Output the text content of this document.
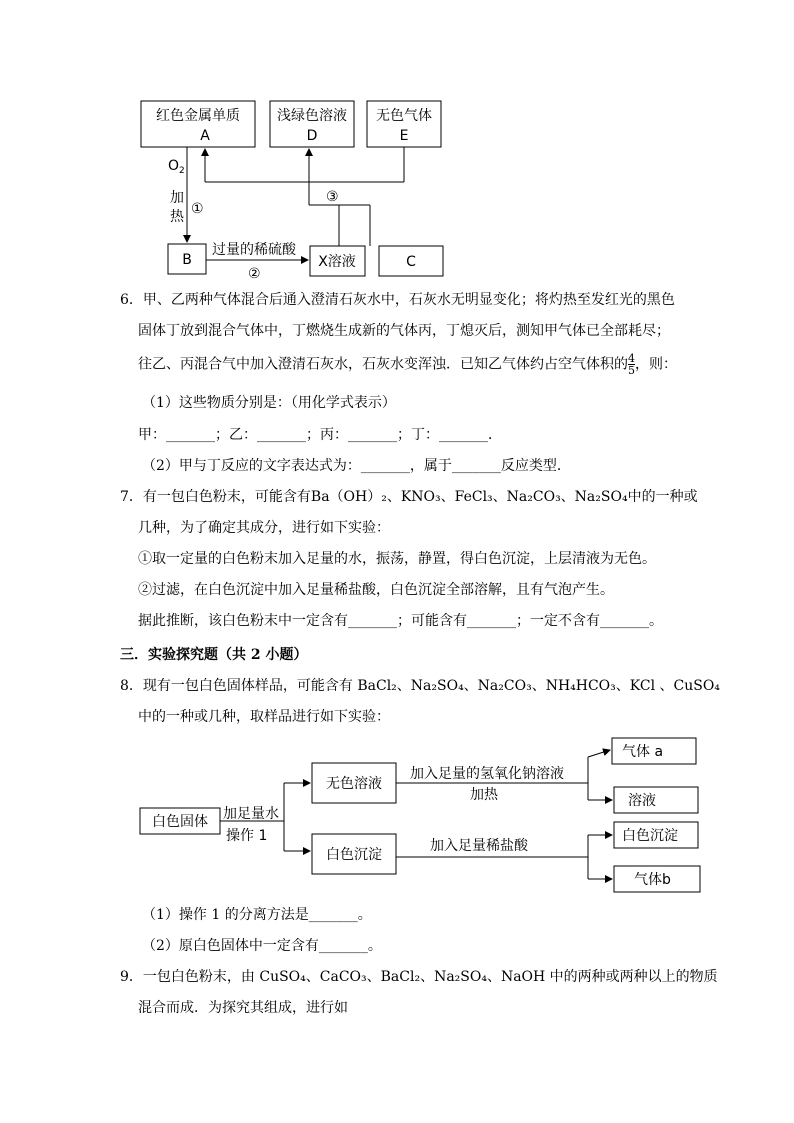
红色金属单质
A
浅绿色溶液
D
无色气体
E
$O_2$
加
热 ①
③
B
过量的稀硫酸
②
X溶液	C
6．甲、乙两种气体混合后通入澄清石灰水中，石灰水无明显变化；将灼热至发红光的黑色
固体丁放到混合气体中，丁燃烧生成新的气体丙，丁熄灭后，测知甲气体已全部耗尽；
往乙、丙混合气中加入澄清石灰水，石灰水变浑浊．已知乙气体约占空气体积的 $\frac{4}{5}$ ，则：
（1）这些物质分别是：（用化学式表示）
甲：_______；乙：_______；丙：_______；丁：_______．
（2）甲与丁反应的文字表达式为：_______，属于_______反应类型．
7．有一包白色粉末，可能含有Ba（OH）₂、KNO₃、FeCl₃、Na₂CO₃、Na₂SO₄中的一种或
几种，为了确定其成分，进行如下实验：
①取一定量的白色粉末加入足量的水，振荡，静置，得白色沉淀，上层清液为无色。
②过滤，在白色沉淀中加入足量稀盐酸，白色沉淀全部溶解，且有气泡产生。
据此推断，该白色粉末中一定含有_______；可能含有_______；一定不含有_______。
三．实验探究题（共 2 小题）
8．现有一包白色固体样品，可能含有 BaCl₂、Na₂SO₄、Na₂CO₃、NH₄HCO₃、KCl 、CuSO₄
中的一种或几种，取样品进行如下实验：
白色固体 加足量水
操作 1
无色溶液
加入足量的氢氧化钠溶液
加热
气体 a
溶液
白色沉淀
加入足量稀盐酸
白色沉淀
气体b
（1）操作 1 的分离方法是_______。
（2）原白色固体中一定含有_______。
9．一包白色粉末，由 CuSO₄、CaCO₃、BaCl₂、Na₂SO₄、NaOH 中的两种或两种以上的物质
混合而成．为探究其组成，进行如
